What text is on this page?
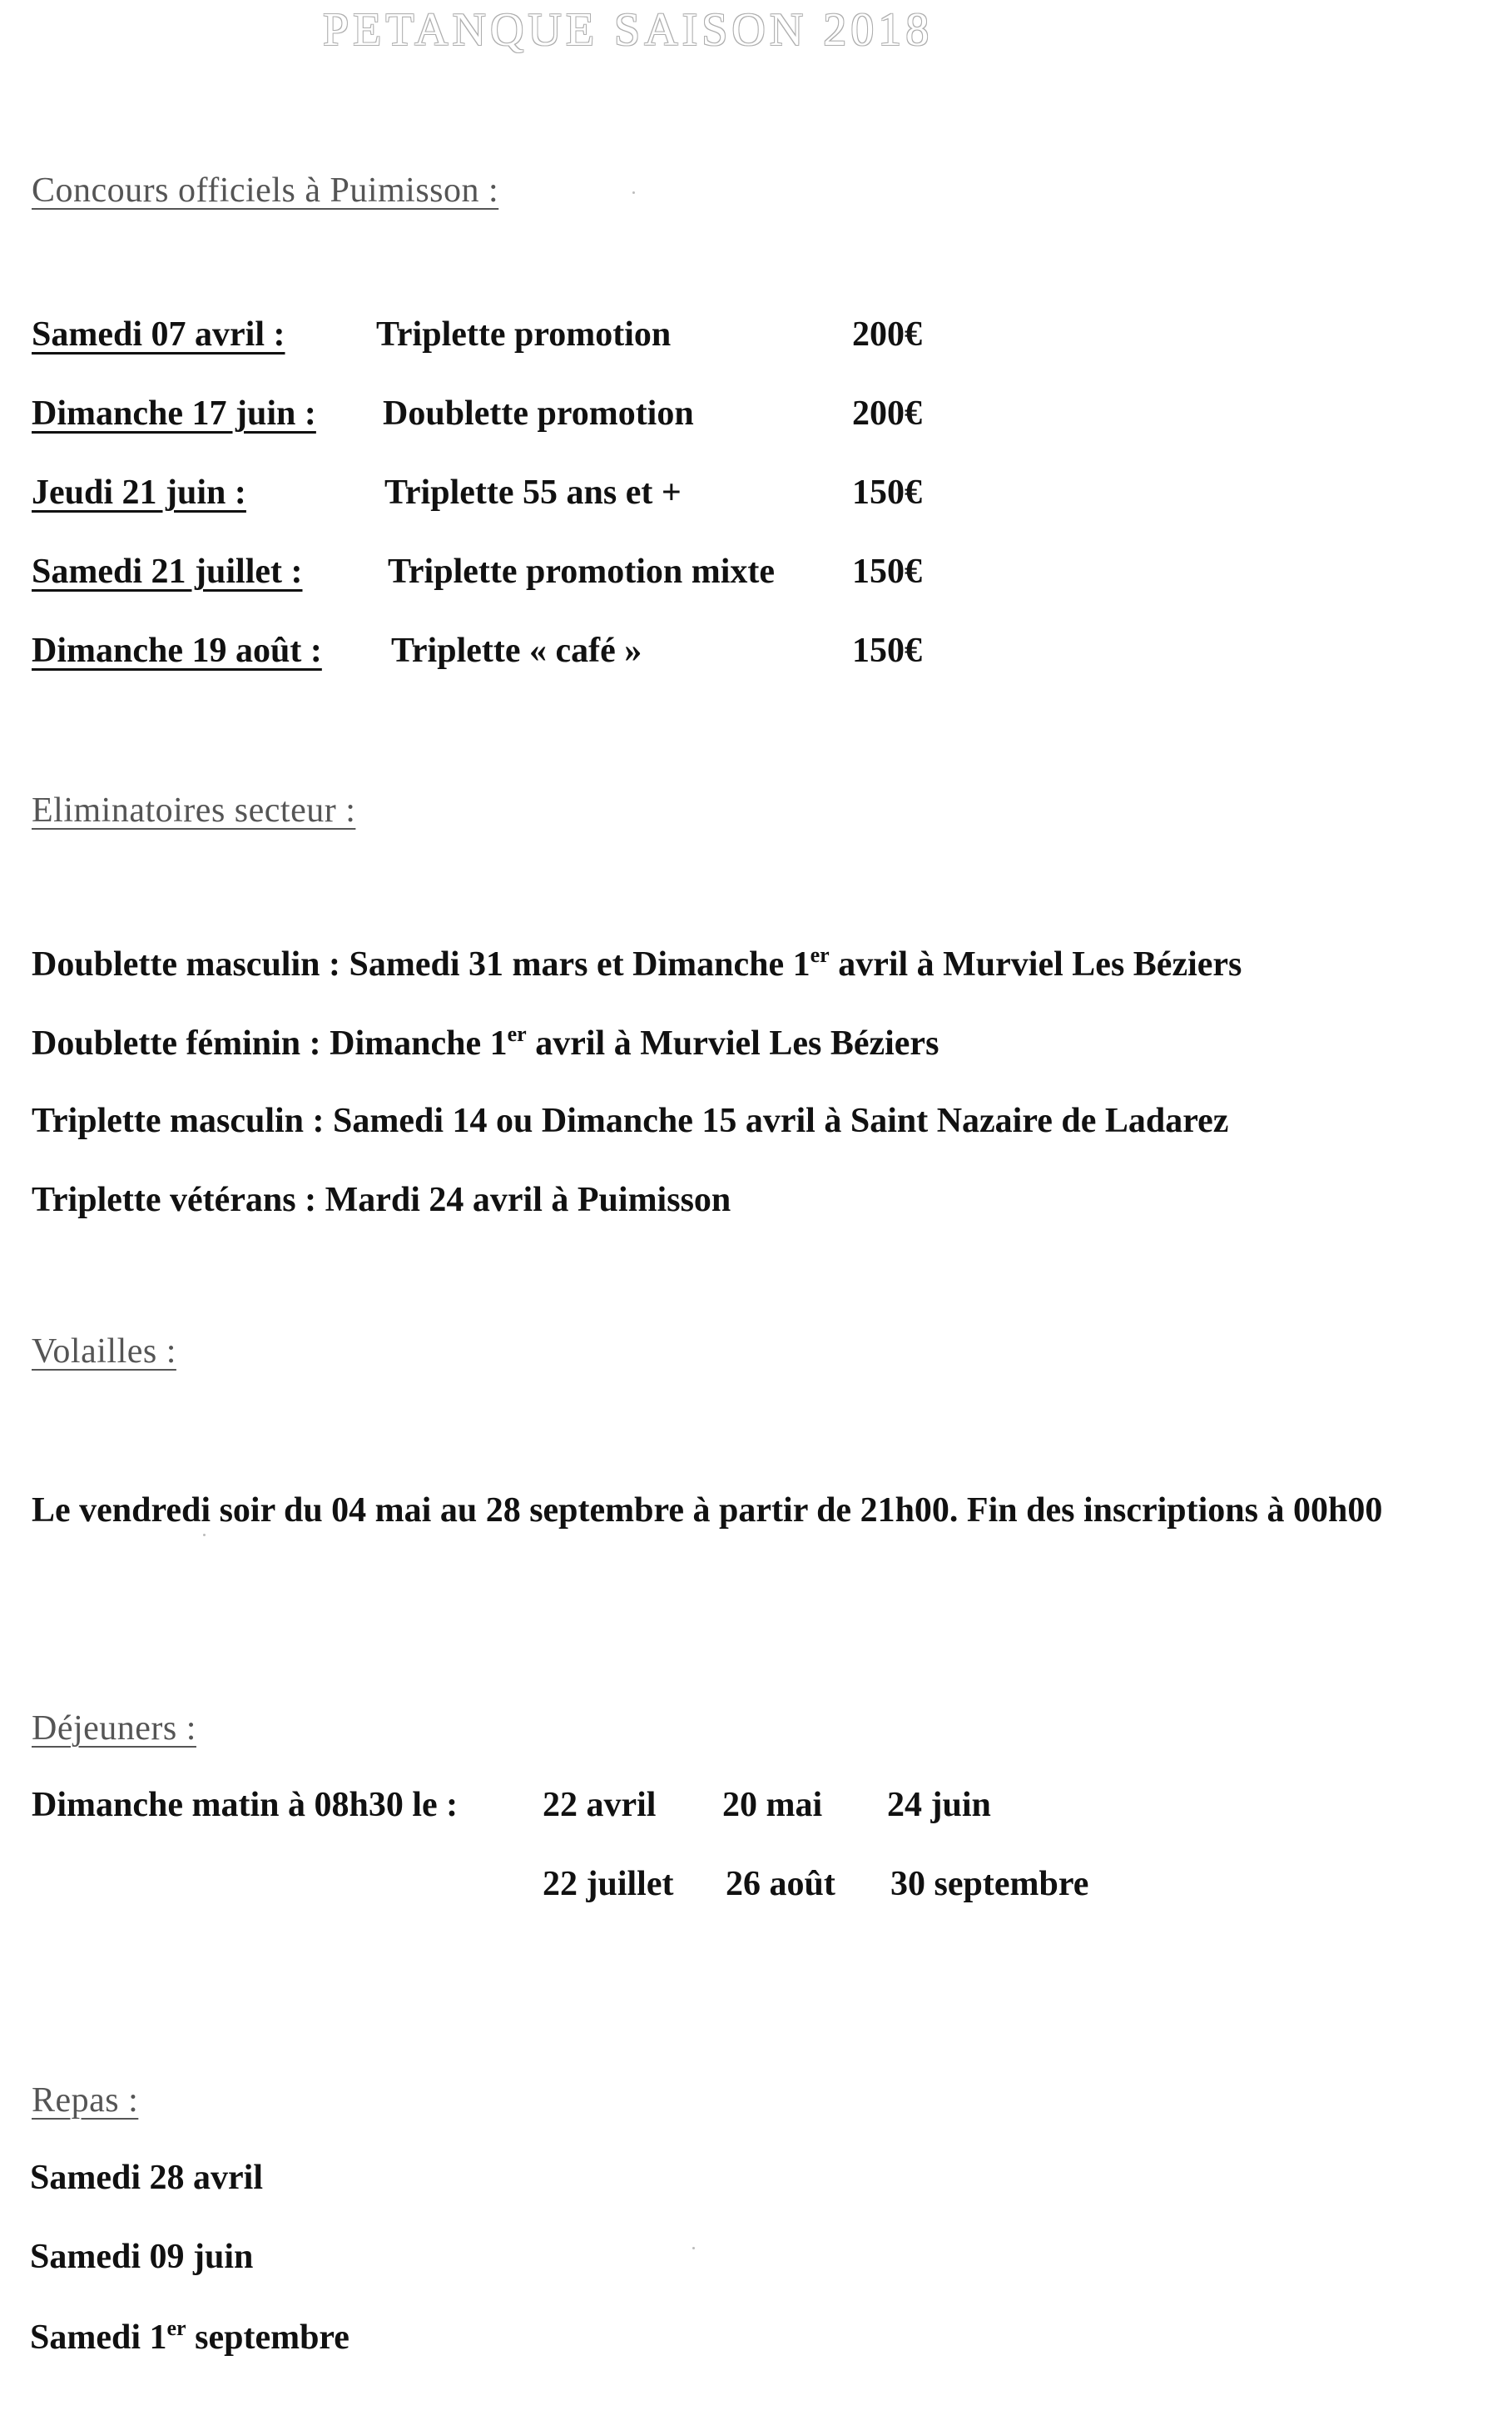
PETANQUE SAISON 2018
Concours officiels à Puimisson :
Samedi 07 avril :	Triplette promotion	200€
Dimanche 17 juin : Doublette promotion	200€
Jeudi 21 juin :	Triplette 55 ans et +	150€
Samedi 21 juillet : Triplette promotion mixte 150€
Dimanche 19 août : Triplette « café »	150€
Eliminatoires secteur :
Doublette masculin : Samedi 31 mars et Dimanche 1er avril à Murviel Les Béziers
Doublette féminin : Dimanche 1er avril à Murviel Les Béziers
Triplette masculin : Samedi 14 ou Dimanche 15 avril à Saint Nazaire de Ladarez
Triplette vétérans : Mardi 24 avril à Puimisson
Volailles :
Le vendredi soir du 04 mai au 28 septembre à partir de 21h00. Fin des inscriptions à 00h00
Déjeuners :
Dimanche matin à 08h30 le : 22 avril 20 mai 24 juin
22 juillet 26 août 30 septembre
Repas :
Samedi 28 avril
Samedi 09 juin
Samedi 1er septembre
